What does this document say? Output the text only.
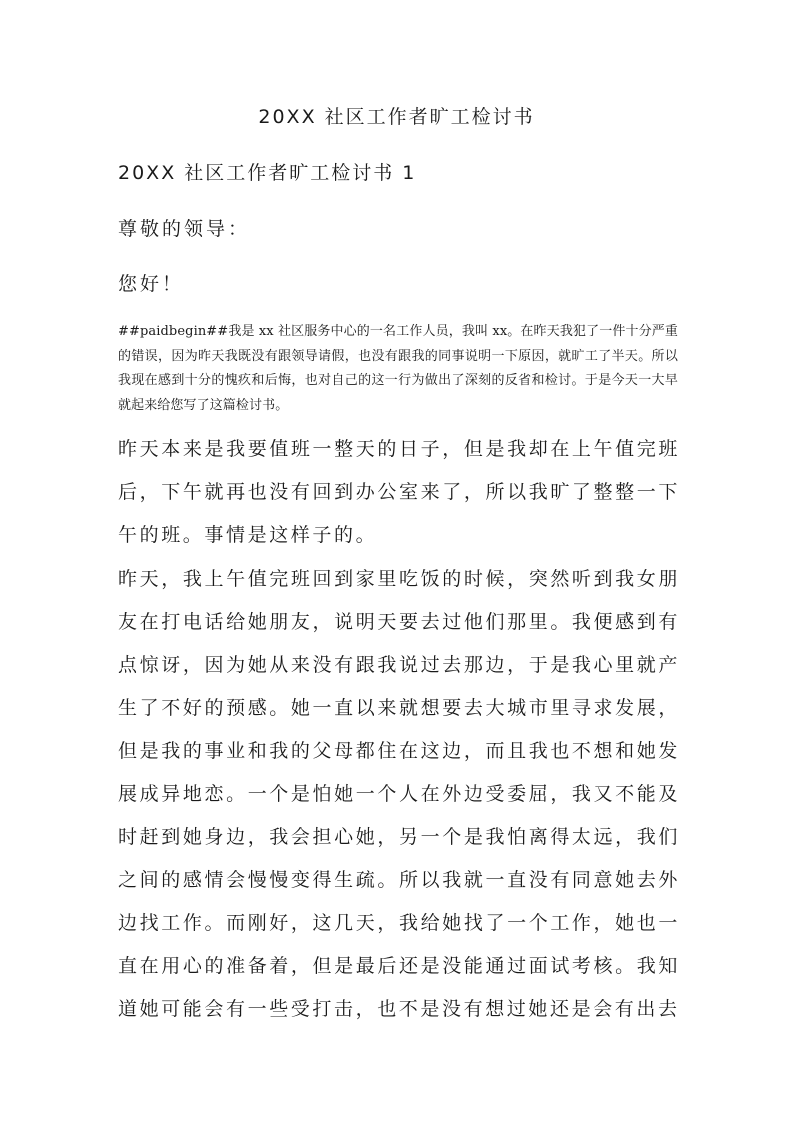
20XX 社区工作者旷工检讨书
20XX 社区工作者旷工检讨书 1
尊敬的领导：
您好！
##paidbegin##我是 xx 社区服务中心的一名工作人员，我叫 xx。在昨天我犯了一件十分严重的错误，因为昨天我既没有跟领导请假，也没有跟我的同事说明一下原因，就旷工了半天。所以我现在感到十分的愧疚和后悔，也对自己的这一行为做出了深刻的反省和检讨。于是今天一大早就起来给您写了这篇检讨书。
昨天本来是我要值班一整天的日子，但是我却在上午值完班后，下午就再也没有回到办公室来了，所以我旷了整整一下午的班。事情是这样子的。
昨天，我上午值完班回到家里吃饭的时候，突然听到我女朋友在打电话给她朋友，说明天要去过他们那里。我便感到有点惊讶，因为她从来没有跟我说过去那边，于是我心里就产生了不好的预感。她一直以来就想要去大城市里寻求发展，但是我的事业和我的父母都住在这边，而且我也不想和她发展成异地恋。一个是怕她一个人在外边受委屈，我又不能及时赶到她身边，我会担心她，另一个是我怕离得太远，我们之间的感情会慢慢变得生疏。所以我就一直没有同意她去外边找工作。而刚好，这几天，我给她找了一个工作，她也一直在用心的准备着，但是最后还是没能通过面试考核。我知道她可能会有一些受打击，也不是没有想过她还是会有出去
